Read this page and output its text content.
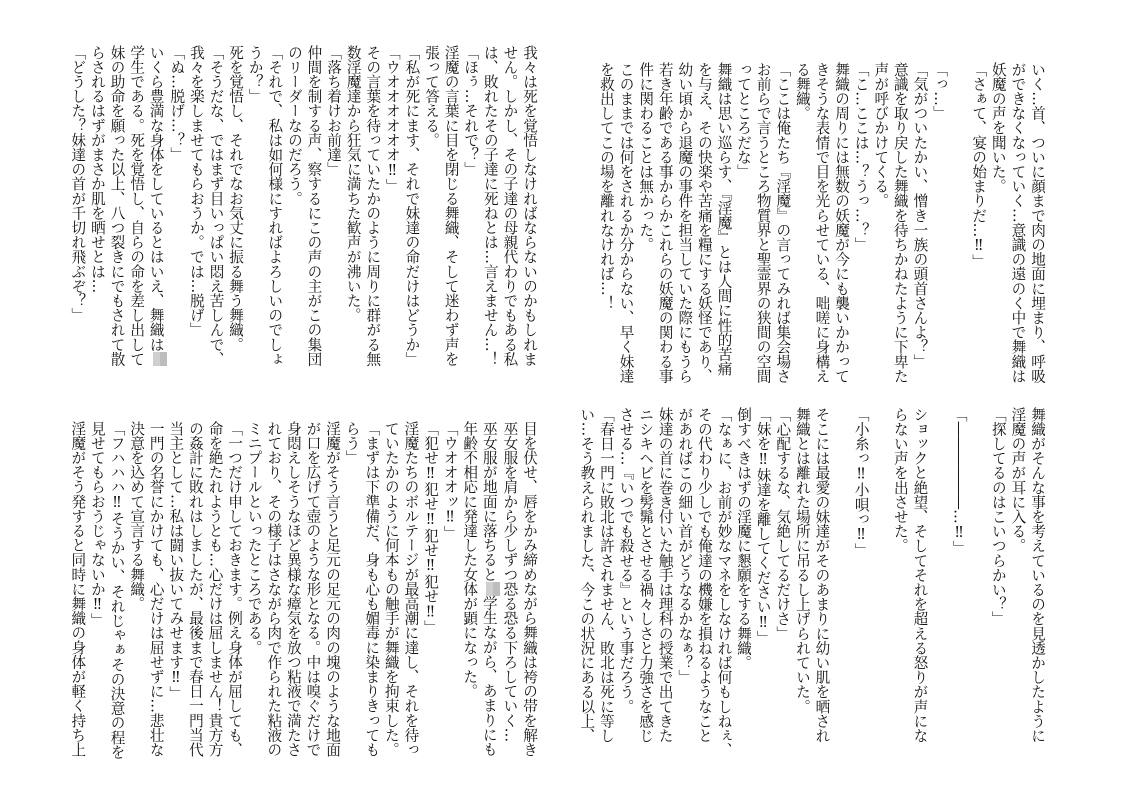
いく…首、ついに顔まで肉の地面に埋まり、呼吸
ができなくなっていく…意識の遠のく中で舞織は
妖魔の声を聞いた。
「さぁて、宴の始まりだ…‼」

「っ…」
「気がついたかい、憎き一族の頭首さんよ？」
意識を取り戻した舞織を待ちかねたように下卑た
声が呼びかけてくる。
「こ…ここは…？うっ…？」
舞織の周りには無数の妖魔が今にも襲いかかって
きそうな表情で目を光らせている、咄嗟に身構え
る舞織。
「ここは俺たち『淫魔』の言ってみれば集会場さ
お前らで言うところ物質界と聖霊界の狭間の空間
ってところだな」
舞織は思い巡らす、『淫魔』とは人間に性的苦痛
を与え、その快楽や苦痛を糧にする妖怪であり、
幼い頃から退魔の事件を担当していた際にもうら
若き年齢である事からかこれらの妖魔の関わる事
件に関わることは無かった。
このままでは何をされるか分からない、早く妹達
を救出してこの場を離れなければ…！
舞織がそんな事を考えているのを見透かしたように
淫魔の声が耳に入る。
「探してるのはこいつらかい？」

「――――――…‼」

ショックと絶望、そしてそれを超える怒りが声にな
らない声を出させた。

「小糸っ‼小唄っ‼」

そこには最愛の妹達がそのあまりに幼い肌を晒され
舞織とは離れた場所に吊るし上げられていた。
「心配するな、気絶してるだけさ」
「妹を‼妹達を離してください‼」
倒すべきはずの淫魔に懇願をする舞織。
「なぁに、お前が妙なマネをしなければ何もしねぇ、
その代わり少しでも俺達の機嫌を損ねるようなこと
があればこの細い首がどうなるかなぁ？」
妹達の首に巻き付いた触手は理科の授業で出てきた
ニシキヘビを髣髴とさせる禍々しさと力強さを感じ
させる…『いつでも殺せる』という事だろう。
「春日一門に敗北は許されません、敗北は死に等し
い…そう教えられました、今この状況にある以上、
我々は死を覚悟しなければならないのかもしれま
せん。しかし、その子達の母親代わりでもある私
は、敗れたその子達に死ねとは…言えません…！
「ほぅ…それで？」
淫魔の言葉に目を閉じる舞織、そして迷わず声を
張って答える。
「私が死にます、それで妹達の命だけはどうか」
「ウオオオオオオ‼」
その言葉を待っていたかのように周りに群がる無
数淫魔達から狂気に満ちた歓声が沸いた。
「落ち着けお前達」
仲間を制する声、察するにこの声の主がこの集団
のリーダーなのだろう。
「それで、私は如何様にすればよろしいのでしょ
うか？」
死を覚悟し、それでなお気丈に振る舞う舞織。
「そうだな、ではまず目いっぱい悶え苦しんで、
我々を楽しませてもらおうか。では…脱げ」
「ぬ…脱げ…？」
いくら豊満な身体をしているとはいえ、舞織は
学生である。死を覚悟し、自らの命を差し出して
妹の助命を願った以上、八つ裂きにでもされて散
らされるはずがまさか肌を晒せとは…
「どうした？妹達の首が千切れ飛ぶぞ？」
目を伏せ、唇をかみ締めながら舞織は袴の帯を解き
巫女服を肩から少しずつ恐る恐る下ろしていく…
巫女服が地面に落ちると学生ながら、あまりにも
年齢不相応に発達した女体が顕になった。
「ウオオオッ‼」
「犯せ‼犯せ‼犯せ‼犯せ‼」
淫魔たちのボルテージが最高潮に達し、それを待っ
ていたかのように何本もの触手が舞織を拘束した。
「まずは下準備だ、身も心も媚毒に染まりきっても
らう」
淫魔がそう言うと足元の足元の肉の塊のような地面
が口を広げて壺のような形となる。中は嗅ぐだけで
身悶えしそうなほど異様な瘴気を放つ粘液で満たさ
れており、その様子はさながら肉で作られた粘液の
ミニプールといったところである。
「一つだけ申しておきます。例え身体が屈しても、
命を絶たれようとも…心だけは屈しません！貴方方
の姦計に敗れはしましたが、最後まで春日一門当代
当主として…私は闘い抜いてみせます‼」
一門の名誉にかけても、心だけは屈せずに…悲壮な
決意を込めて宣言する舞織。
「フハハハ‼そうかい、それじゃぁその決意の程を
見せてもらおうじゃないか‼」
淫魔がそう発すると同時に舞織の身体が軽く持ち上
